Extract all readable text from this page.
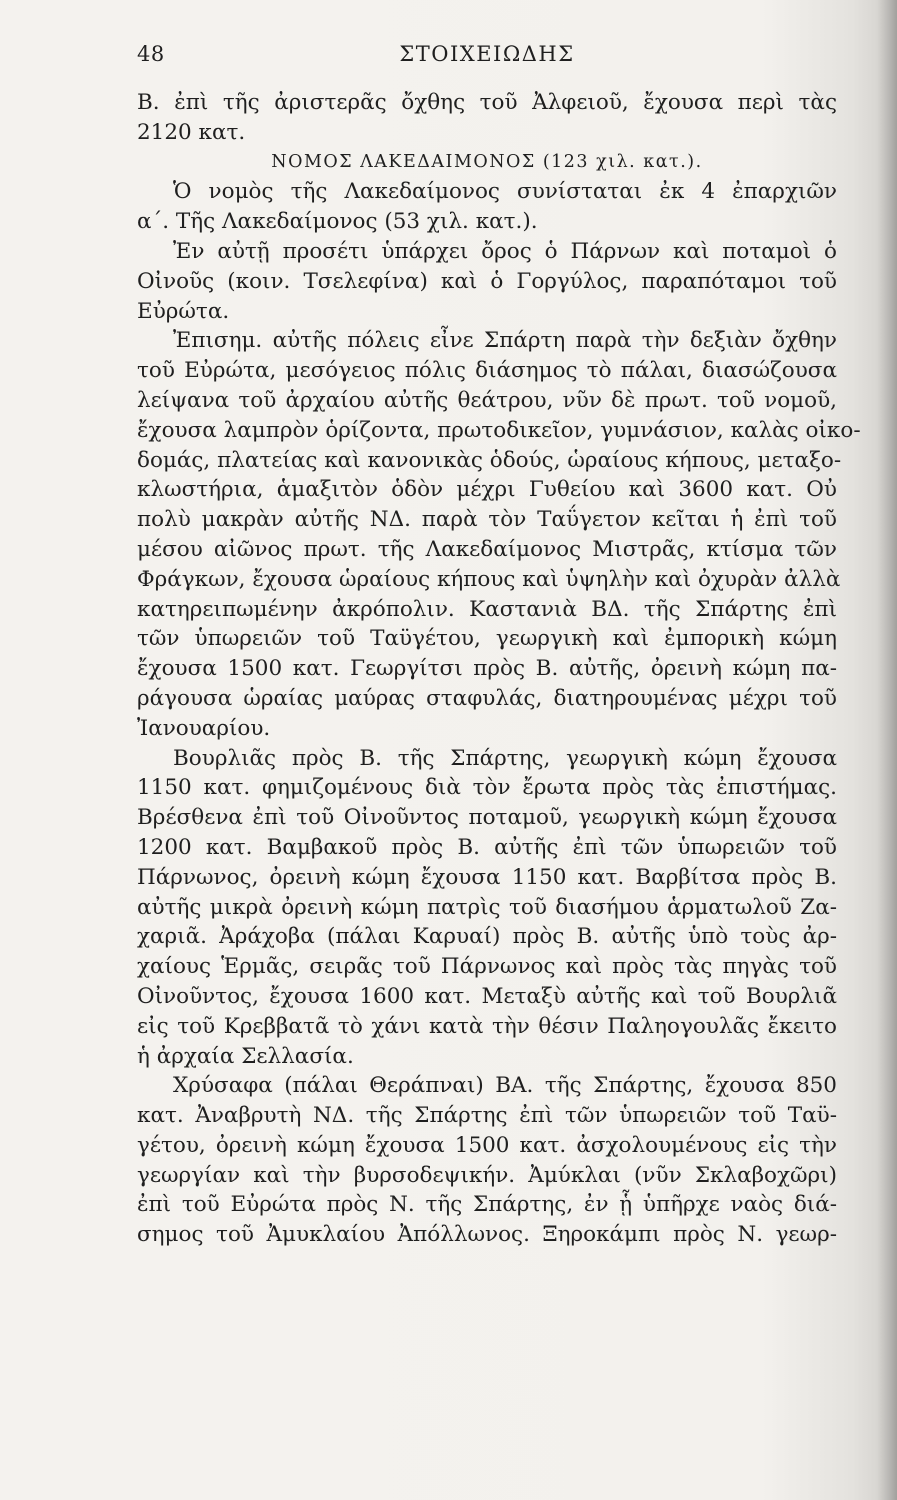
48	ΣΤΟΙΧΕΙΩΔΗΣ
Β. ἐπὶ τῆς ἀριστερᾶς ὄχθης τοῦ Ἀλφειοῦ, ἔχουσα περὶ τὰς
2120 κατ.
ΝΟΜΟΣ ΛΑΚΕΔΑΙΜΟΝΟΣ (123 χιλ. κατ.).
Ὁ νομὸς τῆς Λακεδαίμονος συνίσταται ἐκ 4 ἐπαρχιῶν
α΄. Τῆς Λακεδαίμονος (53 χιλ. κατ.).
Ἐν αὐτῇ προσέτι ὑπάρχει ὄρος ὁ Πάρνων καὶ ποταμοὶ ὁ
Οἰνοῦς (κοιν. Τσελεφίνα) καὶ ὁ Γοργύλος, παραπόταμοι τοῦ
Εὐρώτα.
Ἐπισημ. αὐτῆς πόλεις εἶνε Σπάρτη παρὰ τὴν δεξιὰν ὄχθην
τοῦ Εὐρώτα, μεσόγειος πόλις διάσημος τὸ πάλαι, διασώζουσα
λείψανα τοῦ ἀρχαίου αὐτῆς θεάτρου, νῦν δὲ πρωτ. τοῦ νομοῦ,
ἔχουσα λαμπρὸν ὁρίζοντα, πρωτοδικεῖον, γυμνάσιον, καλὰς οἰκο-
δομάς, πλατείας καὶ κανονικὰς ὁδούς, ὡραίους κήπους, μεταξο-
κλωστήρια, ἁμαξιτὸν ὁδὸν μέχρι Γυθείου καὶ 3600 κατ. Οὐ
πολὺ μακρὰν αὐτῆς ΝΔ. παρὰ τὸν Ταΰγετον κεῖται ἡ ἐπὶ τοῦ
μέσου αἰῶνος πρωτ. τῆς Λακεδαίμονος Μιστρᾶς, κτίσμα τῶν
Φράγκων, ἔχουσα ὡραίους κήπους καὶ ὑψηλὴν καὶ ὀχυρὰν ἀλλὰ
κατηρειπωμένην ἀκρόπολιν. Καστανιὰ ΒΔ. τῆς Σπάρτης ἐπὶ
τῶν ὑπωρειῶν τοῦ Ταϋγέτου, γεωργικὴ καὶ ἐμπορικὴ κώμη
ἔχουσα 1500 κατ. Γεωργίτσι πρὸς Β. αὐτῆς, ὀρεινὴ κώμη πα-
ράγουσα ὡραίας μαύρας σταφυλάς, διατηρουμένας μέχρι τοῦ
Ἰανουαρίου.
Βουρλιᾶς πρὸς Β. τῆς Σπάρτης, γεωργικὴ κώμη ἔχουσα
1150 κατ. φημιζομένους διὰ τὸν ἔρωτα πρὸς τὰς ἐπιστήμας.
Βρέσθενα ἐπὶ τοῦ Οἰνοῦντος ποταμοῦ, γεωργικὴ κώμη ἔχουσα
1200 κατ. Βαμβακοῦ πρὸς Β. αὐτῆς ἐπὶ τῶν ὑπωρειῶν τοῦ
Πάρνωνος, ὀρεινὴ κώμη ἔχουσα 1150 κατ. Βαρβίτσα πρὸς Β.
αὐτῆς μικρὰ ὀρεινὴ κώμη πατρὶς τοῦ διασήμου ἁρματωλοῦ Ζα-
χαριᾶ. Ἀράχοβα (πάλαι Καρυαί) πρὸς Β. αὐτῆς ὑπὸ τοὺς ἀρ-
χαίους Ἑρμᾶς, σειρᾶς τοῦ Πάρνωνος καὶ πρὸς τὰς πηγὰς τοῦ
Οἰνοῦντος, ἔχουσα 1600 κατ. Μεταξὺ αὐτῆς καὶ τοῦ Βουρλιᾶ
εἰς τοῦ Κρεββατᾶ τὸ χάνι κατὰ τὴν θέσιν Παληογουλᾶς ἔκειτο
ἡ ἀρχαία Σελλασία.
Χρύσαφα (πάλαι Θεράπναι) ΒΑ. τῆς Σπάρτης, ἔχουσα 850
κατ. Ἀναβρυτὴ ΝΔ. τῆς Σπάρτης ἐπὶ τῶν ὑπωρειῶν τοῦ Ταϋ-
γέτου, ὀρεινὴ κώμη ἔχουσα 1500 κατ. ἀσχολουμένους εἰς τὴν
γεωργίαν καὶ τὴν βυρσοδεψικήν. Ἀμύκλαι (νῦν Σκλαβοχῶρι)
ἐπὶ τοῦ Εὐρώτα πρὸς Ν. τῆς Σπάρτης, ἐν ᾗ ὑπῆρχε ναὸς διά-
σημος τοῦ Ἀμυκλαίου Ἀπόλλωνος. Ξηροκάμπι πρὸς Ν. γεωρ-
